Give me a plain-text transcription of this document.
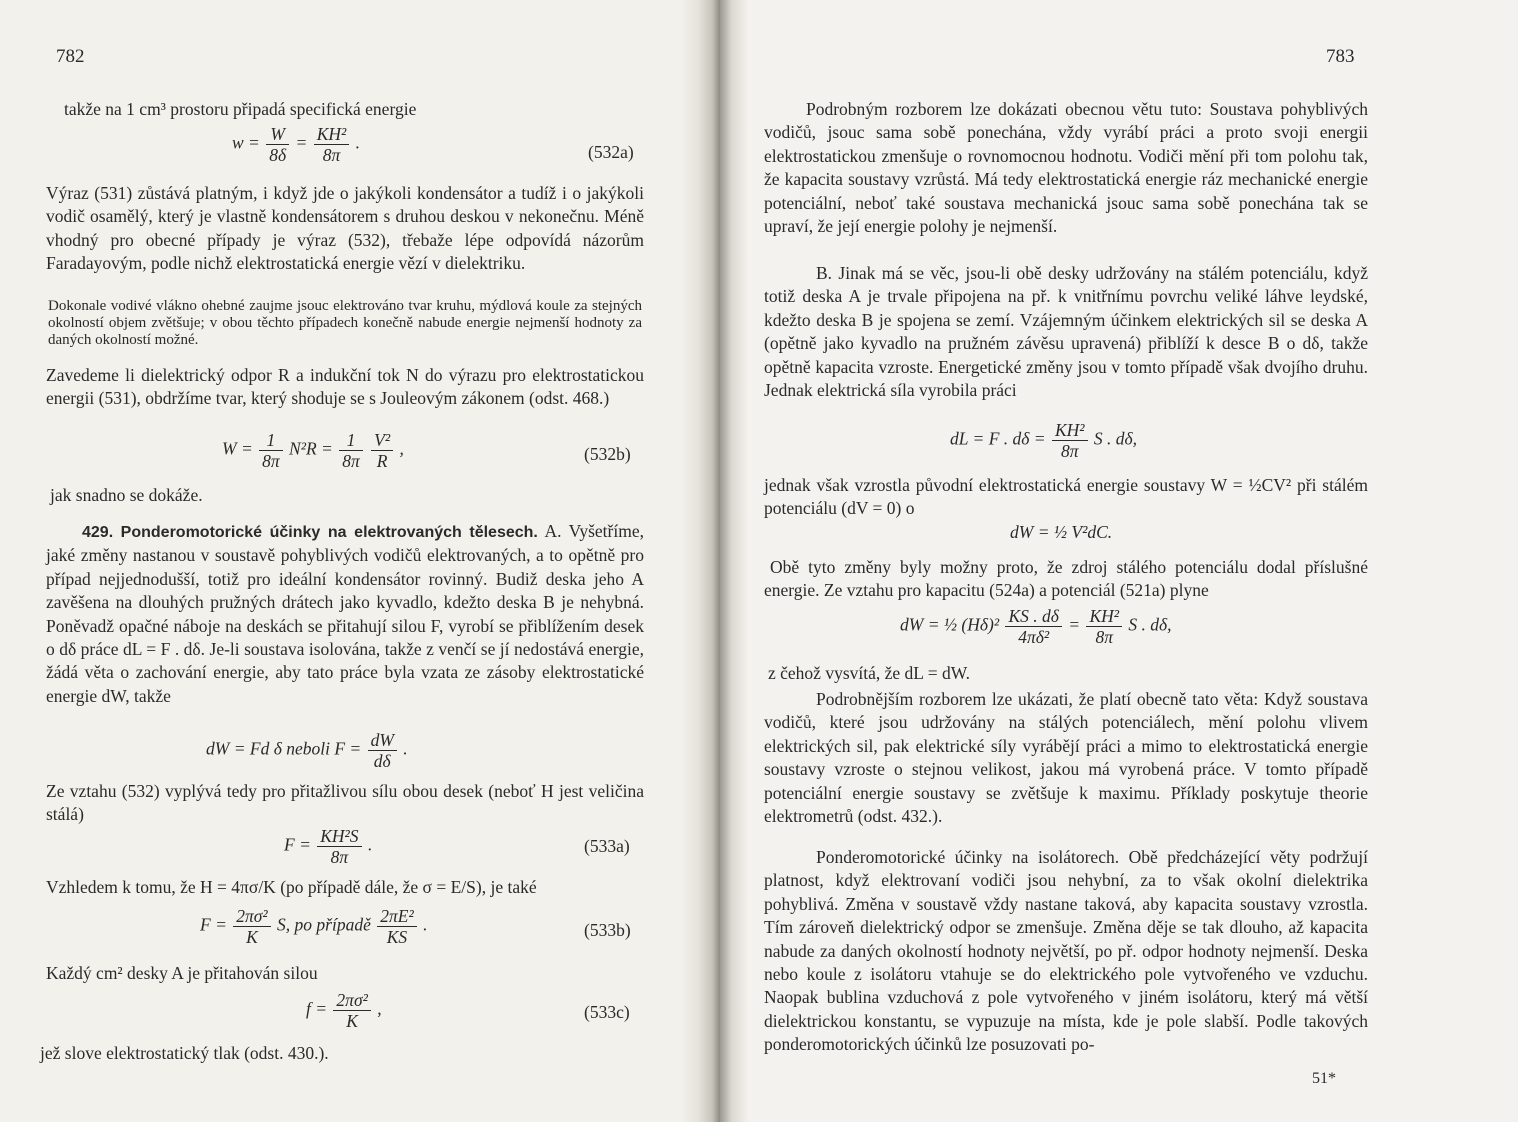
782
takže na 1 cm³ prostoru připadá specifická energie
$w = \frac{W}{8\delta} = \frac{\text{KH²}}{8\pi}$ .	(532a)
Výraz (531) zůstává platným, i když jde o jakýkoli kondensátor a tudíž i o jakýkoli vodič osamělý, který je vlastně kondensátorem s druhou deskou v nekonečnu. Méně vhodný pro obecné případy je výraz (532), třebaže lépe odpovídá názorům Faradayovým, podle nichž elektrostatická energie vězí v dielektriku.
Dokonale vodivé vlákno ohebné zaujme jsouc elektrováno tvar kruhu, mýdlová koule za stejných okolností objem zvětšuje; v obou těchto případech konečně nabude energie nejmenší hodnoty za daných okolností možné.
Zavedeme li dielektrický odpor R a indukční tok N do výrazu pro elektrostatickou energii (531), obdržíme tvar, který shoduje se s Jouleovým zákonem (odst. 468.)
$W = \frac{1}{8\pi} N^2R = \frac{1}{8\pi}$
$\frac{\text{V²}}{R}$ ,	(532b)
jak snadno se dokáže.
429. Ponderomotorické účinky na elektrovaných tělesech. A. Vyšetříme, jaké změny nastanou v soustavě pohyblivých vodičů elektrovaných, a to opětně pro případ nejjednodušší, totiž pro ideální kondensátor rovinný. Budiž deska jeho A zavěšena na dlouhých pružných drátech jako kyvadlo, kdežto deska B je nehybná. Poněvadž opačné náboje na deskách se přitahují silou F, vyrobí se přiblížením desek o dδ práce dL = F . dδ. Je-li soustava isolována, takže z venčí se jí nedostává energie, žádá věta o zachování energie, aby tato práce byla vzata ze zásoby elektrostatické energie dW, takže
dW = Fd δ neboli $F = \frac{dW}{d\delta}$ .
Ze vztahu (532) vyplývá tedy pro přitažlivou sílu obou desek (neboť H jest veličina stálá)
$F = \frac{\text{KH²S}}{8\pi}$ .	(533a)
Vzhledem k tomu, že H = 4πσ/K (po případě dále, že σ = E/S), je také
$F = \frac{\text{2πσ²}}{K} S$, po případě $\frac{\text{2πE²}}{KS}$ .	(533b)
Každý cm² desky A je přitahován silou
$f = \frac{\text{2πσ²}}{K}$ ,	(533c)
jež slove elektrostatický tlak (odst. 430.).
783
Podrobným rozborem lze dokázati obecnou větu tuto: Soustava pohyblivých vodičů, jsouc sama sobě ponechána, vždy vyrábí práci a proto svoji energii elektrostatickou zmenšuje o rovnomocnou hodnotu. Vodiči mění při tom polohu tak, že kapacita soustavy vzrůstá. Má tedy elektrostatická energie ráz mechanické energie potenciální, neboť také soustava mechanická jsouc sama sobě ponechána tak se upraví, že její energie polohy je nejmenší.
B. Jinak má se věc, jsou-li obě desky udržovány na stálém potenciálu, když totiž deska A je trvale připojena na př. k vnitřnímu povrchu veliké láhve leydské, kdežto deska B je spojena se zemí. Vzájemným účinkem elektrických sil se deska A (opětně jako kyvadlo na pružném závěsu upravená) přiblíží k desce B o dδ, takže opětně kapacita vzroste. Energetické změny jsou v tomto případě však dvojího druhu. Jednak elektrická síla vyrobila práci
dL = F . $d\delta = \frac{\text{KH²}}{8\pi}$ S . dδ,
jednak však vzrostla původní elektrostatická energie soustavy W = ½CV² při stálém potenciálu (dV = 0) o
dW = ½ V²dC.
Obě tyto změny byly možny proto, že zdroj stálého potenciálu dodal příslušné energie. Ze vztahu pro kapacitu (524a) a potenciál (521a) plyne
dW = ½ $(H\delta)^2 \frac{KS . d\delta}{\text{4πδ²}} = \frac{\text{KH²}}{8\pi}$ S . dδ,
z čehož vysvítá, že dL = dW.
Podrobnějším rozborem lze ukázati, že platí obecně tato věta: Když soustava vodičů, které jsou udržovány na stálých potenciálech, mění polohu vlivem elektrických sil, pak elektrické síly vyrábějí práci a mimo to elektrostatická energie soustavy vzroste o stejnou velikost, jakou má vyrobená práce. V tomto případě potenciální energie soustavy se zvětšuje k maximu. Příklady poskytuje theorie elektrometrů (odst. 432.).
Ponderomotorické účinky na isolátorech. Obě předcházející věty podržují platnost, když elektrovaní vodiči jsou nehybní, za to však okolní dielektrika pohyblivá. Změna v soustavě vždy nastane taková, aby kapacita soustavy vzrostla. Tím zároveň dielektrický odpor se zmenšuje. Změna děje se tak dlouho, až kapacita nabude za daných okolností hodnoty největší, po př. odpor hodnoty nejmenší. Deska nebo koule z isolátoru vtahuje se do elektrického pole vytvořeného ve vzduchu. Naopak bublina vzduchová z pole vytvořeného v jiném isolátoru, který má větší dielektrickou konstantu, se vypuzuje na místa, kde je pole slabší. Podle takových ponderomotorických účinků lze posuzovati po-
51*
